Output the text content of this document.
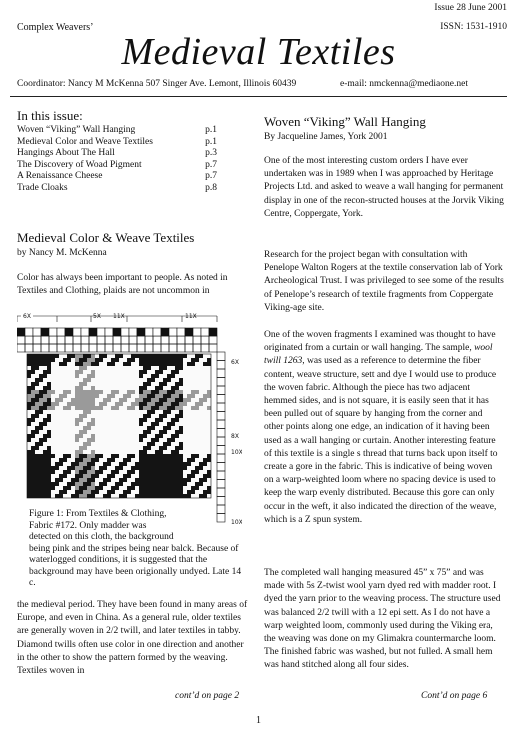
Issue 28 June 2001
ISSN: 1531-1910
Complex Weavers’
Medieval Textiles
Coordinator: Nancy M McKenna 507 Singer Ave. Lemont, Illinois 60439	e-mail: nmckenna@mediaone.net
In this issue:
Woven “Viking” Wall Hanging	p.1
Medieval Color and Weave Textiles	p.1
Hangings About The Hall	p.3
The Discovery of Woad Pigment	p.7
A Renaissance Cheese	p.7
Trade Cloaks	p.8
Medieval Color & Weave Textiles
by Nancy M. McKenna
Color has always been important to people. As noted in Textiles and Clothing, plaids are not uncommon in
6X	5X 11X	11X
6X
8X
10X
10X
Figure 1: From Textiles & Clothing,
Fabric #172. Only madder was
detected on this cloth, the background
being pink and the stripes being near balck. Because of waterlogged conditions, it is suggested that the background may have been origionally undyed. Late 14 c.
the medieval period. They have been found in many areas of Europe, and even in China. As a general rule, older textiles are generally woven in 2/2 twill, and later textiles in tabby. Diamond twills often use color in one direction and another in the other to show the pattern formed by the weaving. Textiles woven in
cont’d on page 2
Woven “Viking” Wall Hanging
By Jacqueline James, York 2001
One of the most interesting custom orders I have ever undertaken was in 1989 when I was approached by Heritage Projects Ltd. and asked to weave a wall hanging for permanent display in one of the recon-structed houses at the Jorvik Viking Centre, Coppergate, York.
Research for the project began with consultation with Penelope Walton Rogers at the textile conservation lab of York Archeological Trust. I was privileged to see some of the results of Penelope’s research of textile fragments from Coppergate Viking-age site.
One of the woven fragments I examined was thought to have originated from a curtain or wall hanging. The sample, wool twill 1263, was used as a reference to determine the fiber content, weave structure, sett and dye I would use to produce the woven fabric. Although the piece has two adjacent hemmed sides, and is not square, it is easily seen that it has been pulled out of square by hanging from the corner and other points along one edge, an indication of it having been used as a wall hanging or curtain. Another interesting feature of this textile is a single s thread that turns back upon itself to create a gore in the fabric. This is indicative of being woven on a warp-weighted loom where no spacing device is used to keep the warp evenly distributed. Because this gore can only occur in the weft, it also indicated the direction of the weave, which is a Z spun system.
The completed wall hanging measured 45” x 75” and was made with 5s Z-twist wool yarn dyed red with madder root. I dyed the yarn prior to the weaving process. The structure used was balanced 2/2 twill with a 12 epi sett. As I do not have a warp weighted loom, commonly used during the Viking era, the weaving was done on my Glimakra countermarche loom. The finished fabric was washed, but not fulled. A small hem was hand stitched along all four sides.
Cont’d on page 6
1
